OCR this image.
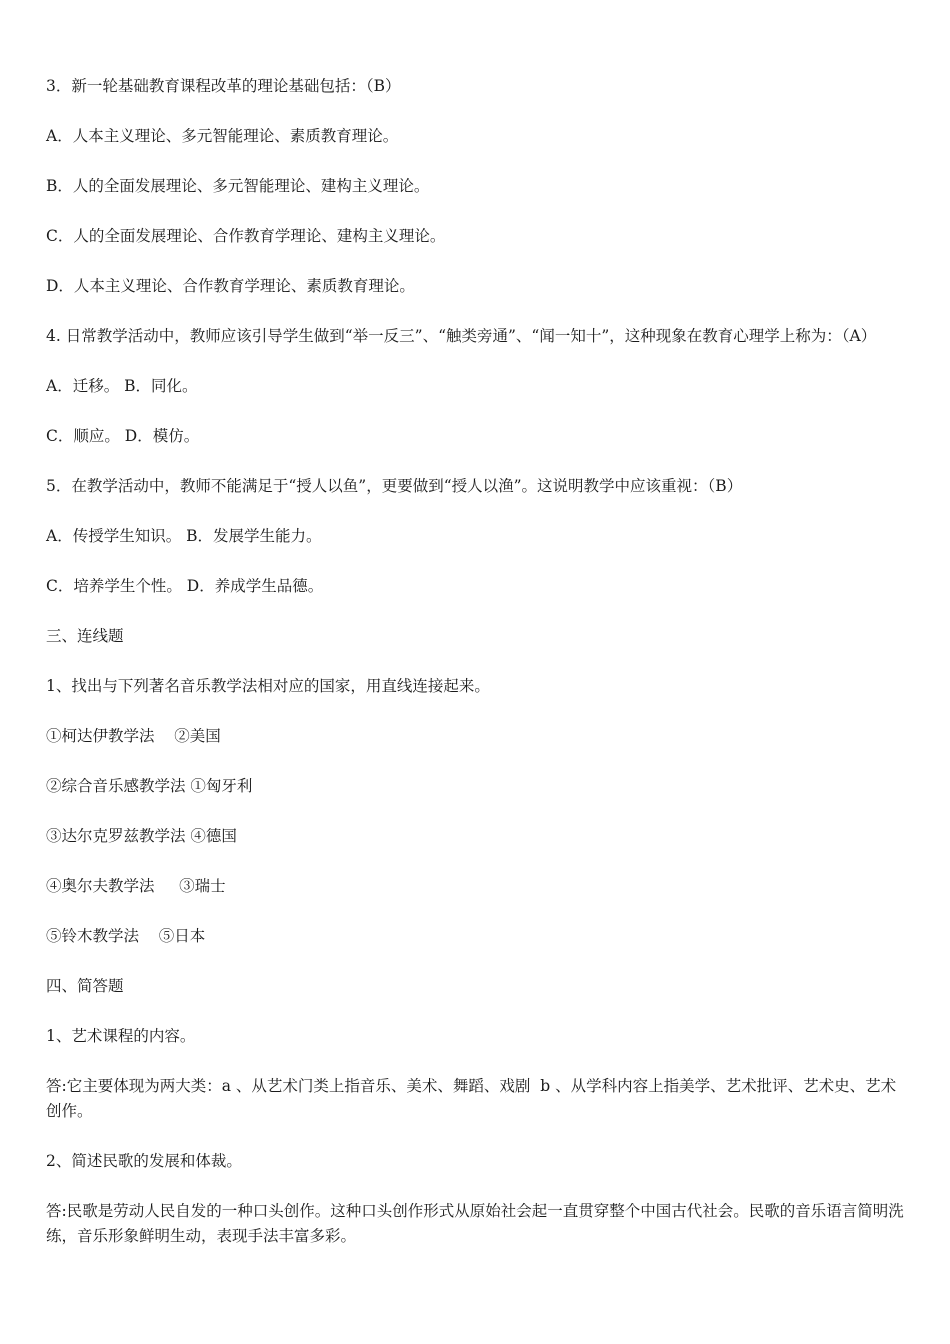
3．新一轮基础教育课程改革的理论基础包括：（B）

A．人本主义理论、多元智能理论、素质教育理论。

B．人的全面发展理论、多元智能理论、建构主义理论。

C．人的全面发展理论、合作教育学理论、建构主义理论。

D．人本主义理论、合作教育学理论、素质教育理论。

4. 日常教学活动中，教师应该引导学生做到“举一反三”、“触类旁通”、“闻一知十”，这种现象在教育心理学上称为：（A）

A．迁移。 B．同化。

C．顺应。 D．模仿。

5．在教学活动中，教师不能满足于“授人以鱼”，更要做到“授人以渔”。这说明教学中应该重视：（B）

A．传授学生知识。 B．发展学生能力。

C．培养学生个性。 D．养成学生品德。

三、连线题

1、找出与下列著名音乐教学法相对应的国家，用直线连接起来。

①柯达伊教学法    ②美国

②综合音乐感教学法 ①匈牙利

③达尔克罗兹教学法 ④德国

④奥尔夫教学法     ③瑞士

⑤铃木教学法    ⑤日本

四、简答题

1、艺术课程的内容。

答:它主要体现为两大类：a 、从艺术门类上指音乐、美术、舞蹈、戏剧  b 、从学科内容上指美学、艺术批评、艺术史、艺术创作。

2、简述民歌的发展和体裁。

答:民歌是劳动人民自发的一种口头创作。这种口头创作形式从原始社会起一直贯穿整个中国古代社会。民歌的音乐语言简明洗练，音乐形象鲜明生动，表现手法丰富多彩。
